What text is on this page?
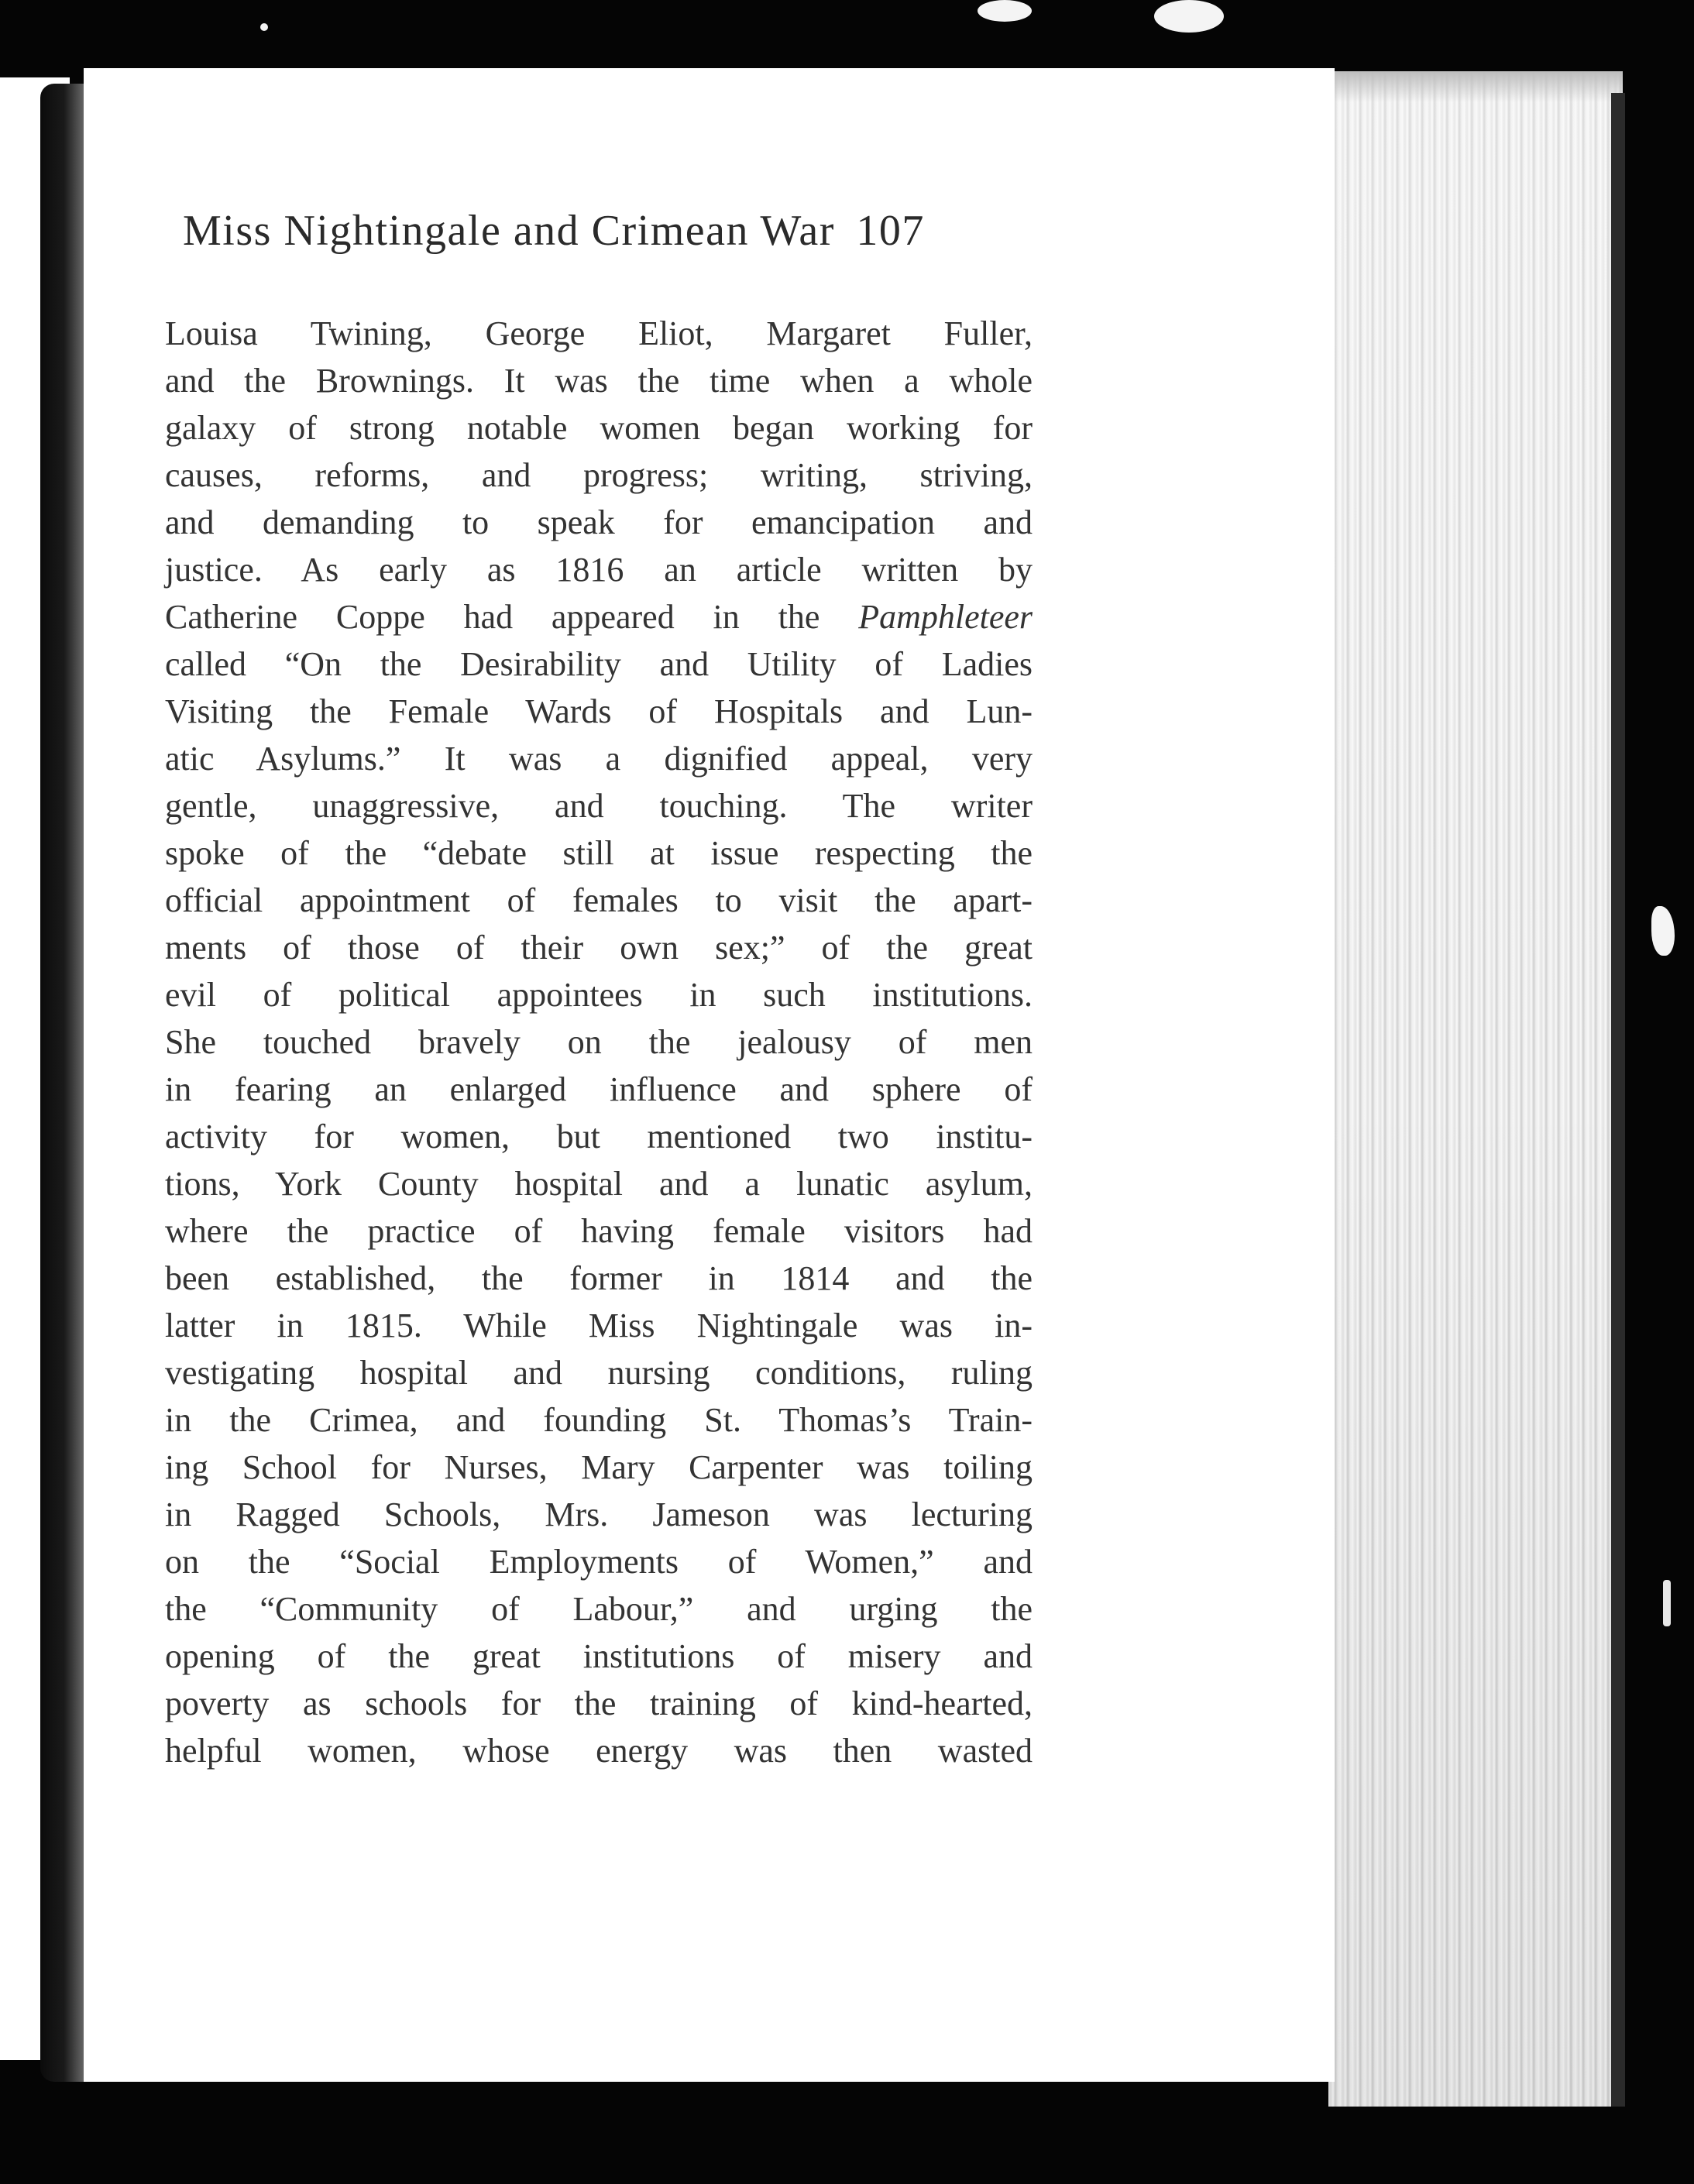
Miss Nightingale and Crimean War 107
Louisa Twining, George Eliot, Margaret Fuller,
and the Brownings. It was the time when a whole
galaxy of strong notable women began working for
causes, reforms, and progress; writing, striving,
and demanding to speak for emancipation and
justice. As early as 1816 an article written by
Catherine Coppe had appeared in the Pamphleteer
called “On the Desirability and Utility of Ladies
Visiting the Female Wards of Hospitals and Lun-
atic Asylums.” It was a dignified appeal, very
gentle, unaggressive, and touching. The writer
spoke of the “debate still at issue respecting the
official appointment of females to visit the apart-
ments of those of their own sex;” of the great
evil of political appointees in such institutions.
She touched bravely on the jealousy of men
in fearing an enlarged influence and sphere of
activity for women, but mentioned two institu-
tions, York County hospital and a lunatic asylum,
where the practice of having female visitors had
been established, the former in 1814 and the
latter in 1815. While Miss Nightingale was in-
vestigating hospital and nursing conditions, ruling
in the Crimea, and founding St. Thomas’s Train-
ing School for Nurses, Mary Carpenter was toiling
in Ragged Schools, Mrs. Jameson was lecturing
on the “Social Employments of Women,” and
the “Community of Labour,” and urging the
opening of the great institutions of misery and
poverty as schools for the training of kind-hearted,
helpful women, whose energy was then wasted
